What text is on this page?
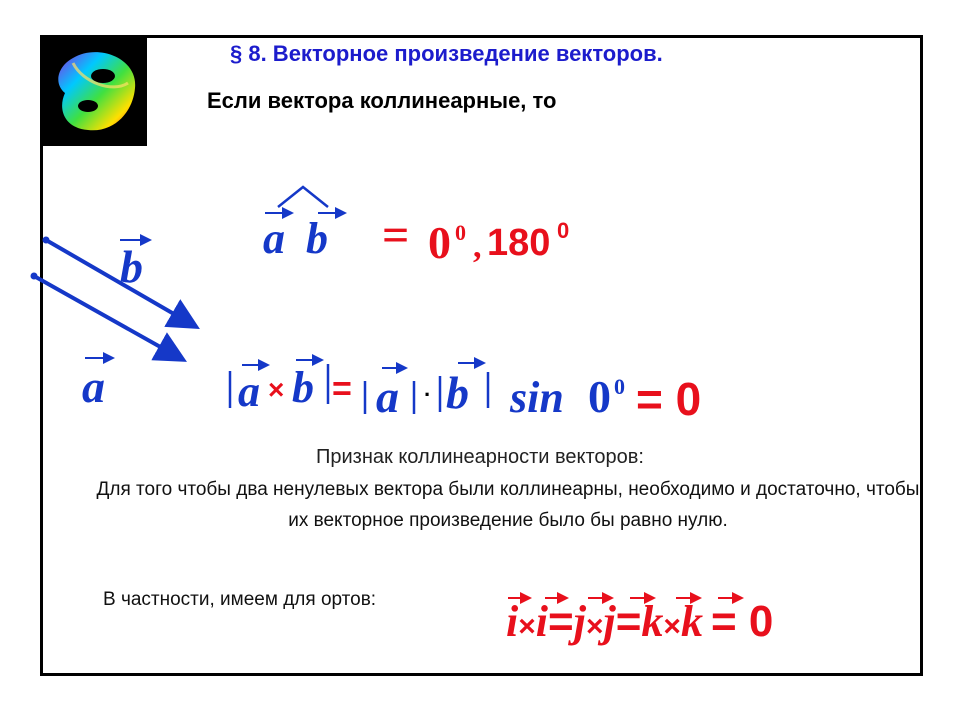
§ 8. Векторное произведение векторов.
Если вектора коллинеарные, то
b
a
a b = 0 0 , 180 0
a × b = a · b sin 0 0 = 0
Признак коллинеарности векторов:
Для того чтобы два ненулевых вектора были коллинеарны, необходимо и достаточно, чтобы их векторное произведение было бы равно нулю.
В частности, имеем для ортов:	i×i=j×j=k×k = 0
